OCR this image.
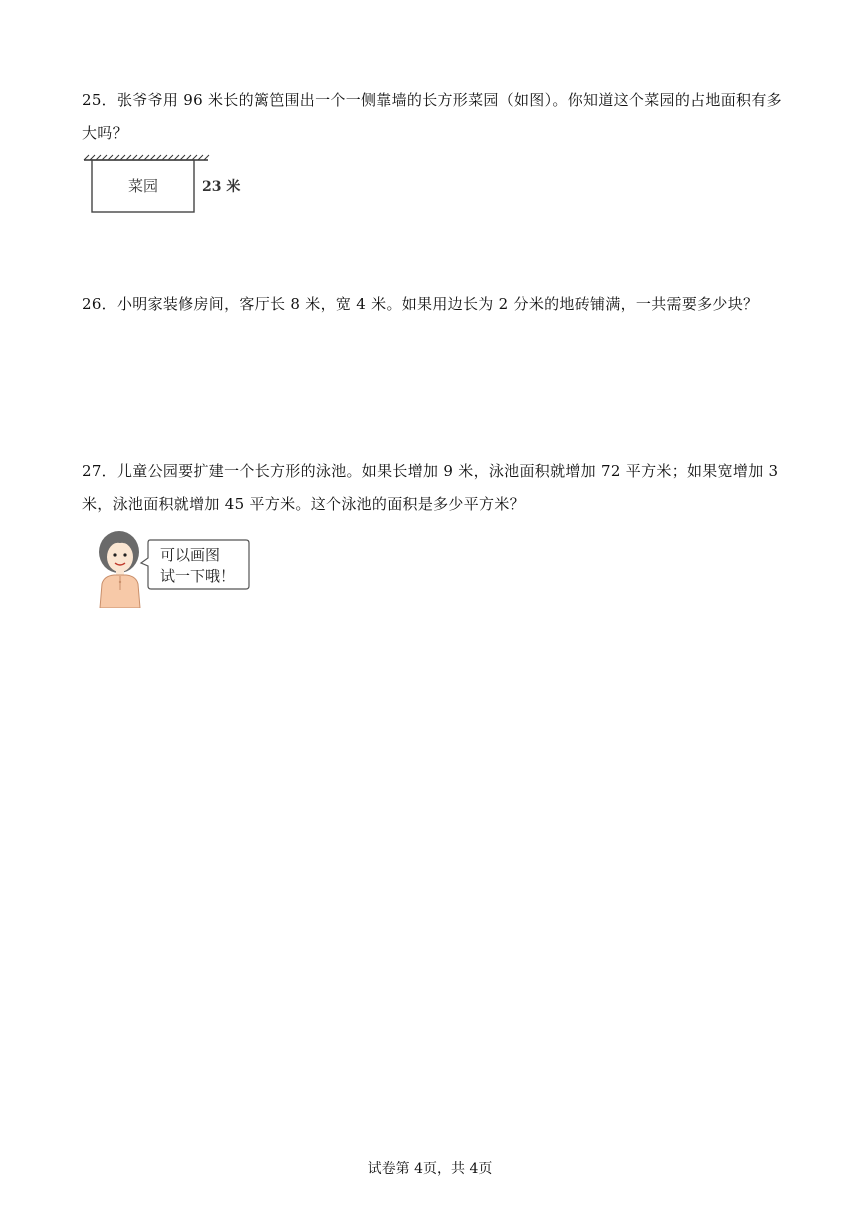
25．张爷爷用 96 米长的篱笆围出一个一侧靠墙的长方形菜园（如图）。你知道这个菜园的占地面积有多大吗？
菜园	23 米
26．小明家装修房间，客厅长 8 米，宽 4 米。如果用边长为 2 分米的地砖铺满，一共需要多少块？
27．儿童公园要扩建一个长方形的泳池。如果长增加 9 米，泳池面积就增加 72 平方米；如果宽增加 3 米，泳池面积就增加 45 平方米。这个泳池的面积是多少平方米？
可以画图
试一下哦！
试卷第 4页，共 4页
